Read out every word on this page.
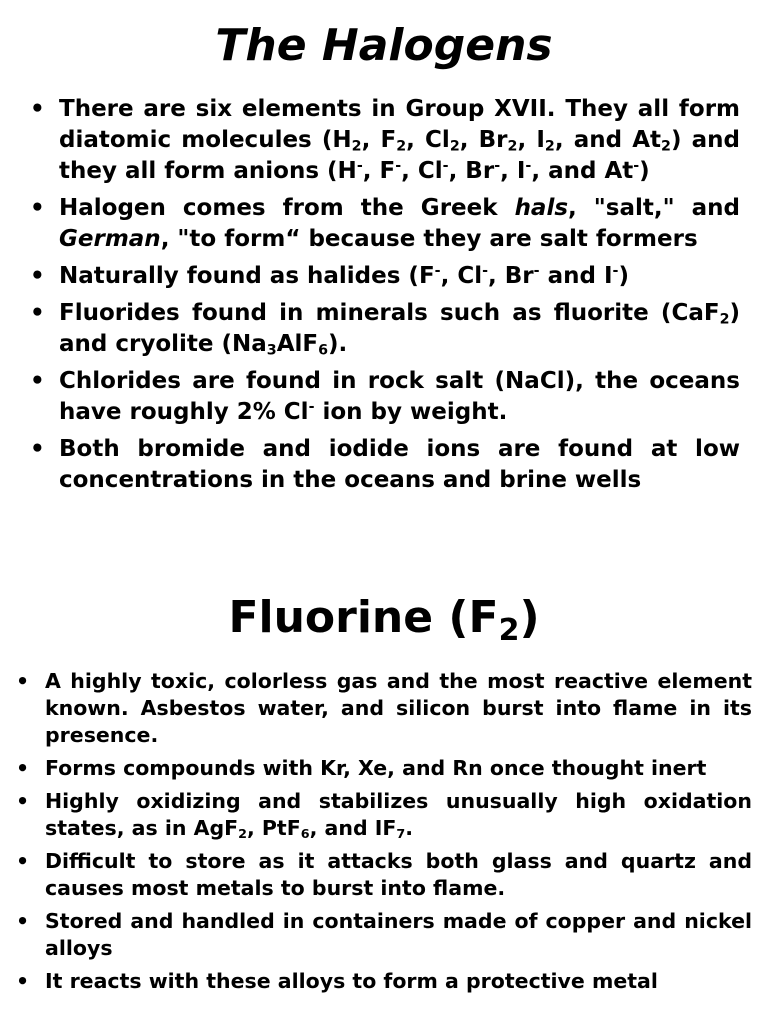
The Halogens
• There are six elements in Group XVII. They all form diatomic molecules ($H_2$, $F_2$, $Cl_2$, $Br_2$, $I_2$, and $At_2$) and they all form anions (H-, F-, Cl-, Br-, I-, and At-)
• Halogen comes from the Greek hals, "salt," and German, "to form“ because they are salt formers
• Naturally found as halides (F-, Cl-, Br- and I-)
• Fluorides found in minerals such as fluorite (CaF$_2$) and cryolite $(Na_3AlF_6)$.
• Chlorides are found in rock salt (NaCl), the oceans have roughly 2% Cl- ion by weight.
• Both bromide and iodide ions are found at low concentrations in the oceans and brine wells
Fluorine $(F_2)$
• A highly toxic, colorless gas and the most reactive element known. Asbestos water, and silicon burst into flame in its presence.
• Forms compounds with Kr, Xe, and Rn once thought inert
• Highly oxidizing and stabilizes unusually high oxidation states, as in AgF$_2$, PtF$_6$, and $IF_7$.
• Difficult to store as it attacks both glass and quartz and causes most metals to burst into flame.
• Stored and handled in containers made of copper and nickel alloys
• It reacts with these alloys to form a protective metal
